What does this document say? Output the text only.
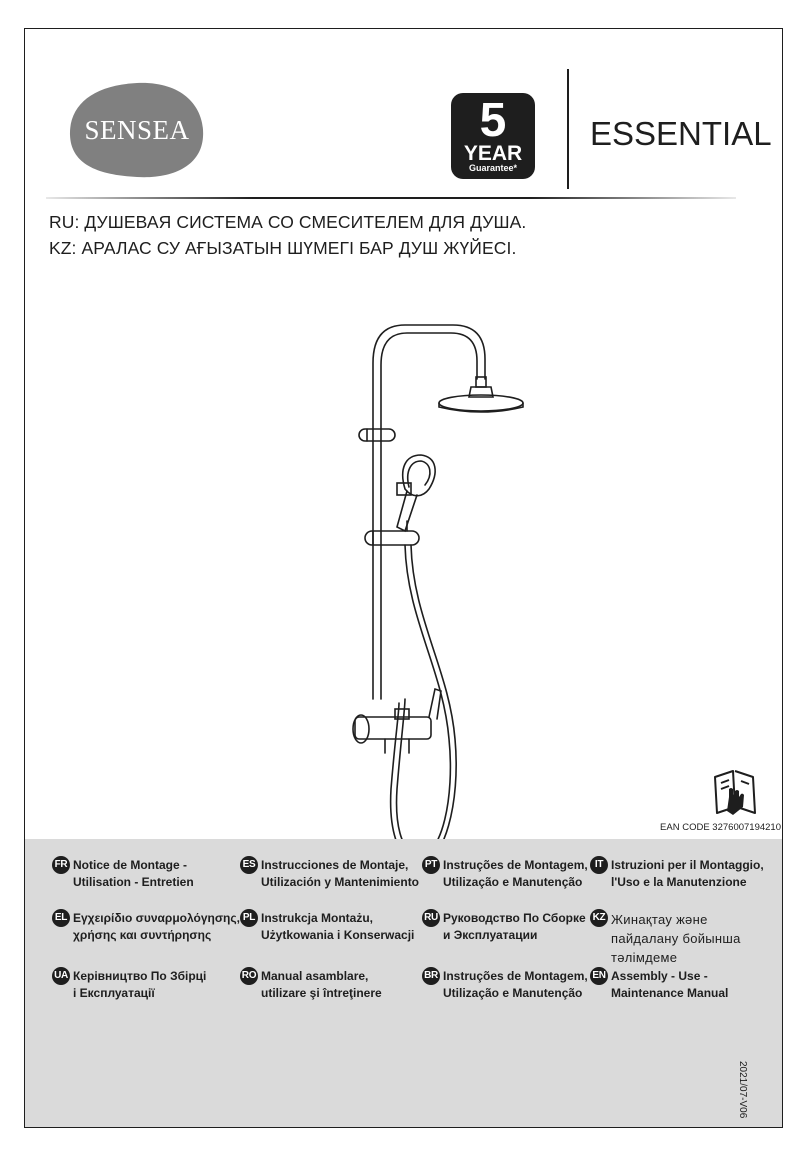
SENSEA	5
YEAR
Guarantee*
ESSENTIAL
RU: ДУШЕВАЯ СИСТЕМА СО СМЕСИТЕЛЕМ ДЛЯ ДУША.
KZ: АРАЛАС СУ АҒЫЗАТЫН ШҮМЕГІ БАР ДУШ ЖҮЙЕСІ.
EAN CODE 3276007194210
FR Notice de Montage -
Utilisation - Entretien
ES Instrucciones de Montaje,
Utilización y Mantenimiento
PT Instruções de Montagem,
Utilização e Manutenção
IT Istruzioni per il Montaggio,
l'Uso e la Manutenzione
EL Εγχειρίδιο συναρμολόγησης,
χρήσης και συντήρησης
PL Instrukcja Montażu,
Użytkowania i Konserwacji
RU Руководство По Сборке
и Эксплуатации
KZ Жинақтау және
пайдалану бойынша
тәлімдеме
UA Керівництво По Збірці
і Експлуатації
RO Manual asamblare,
utilizare şi întreţinere
BR Instruções de Montagem,
Utilização e Manutenção
EN Assembly - Use -
Maintenance Manual
2021/07-V06
